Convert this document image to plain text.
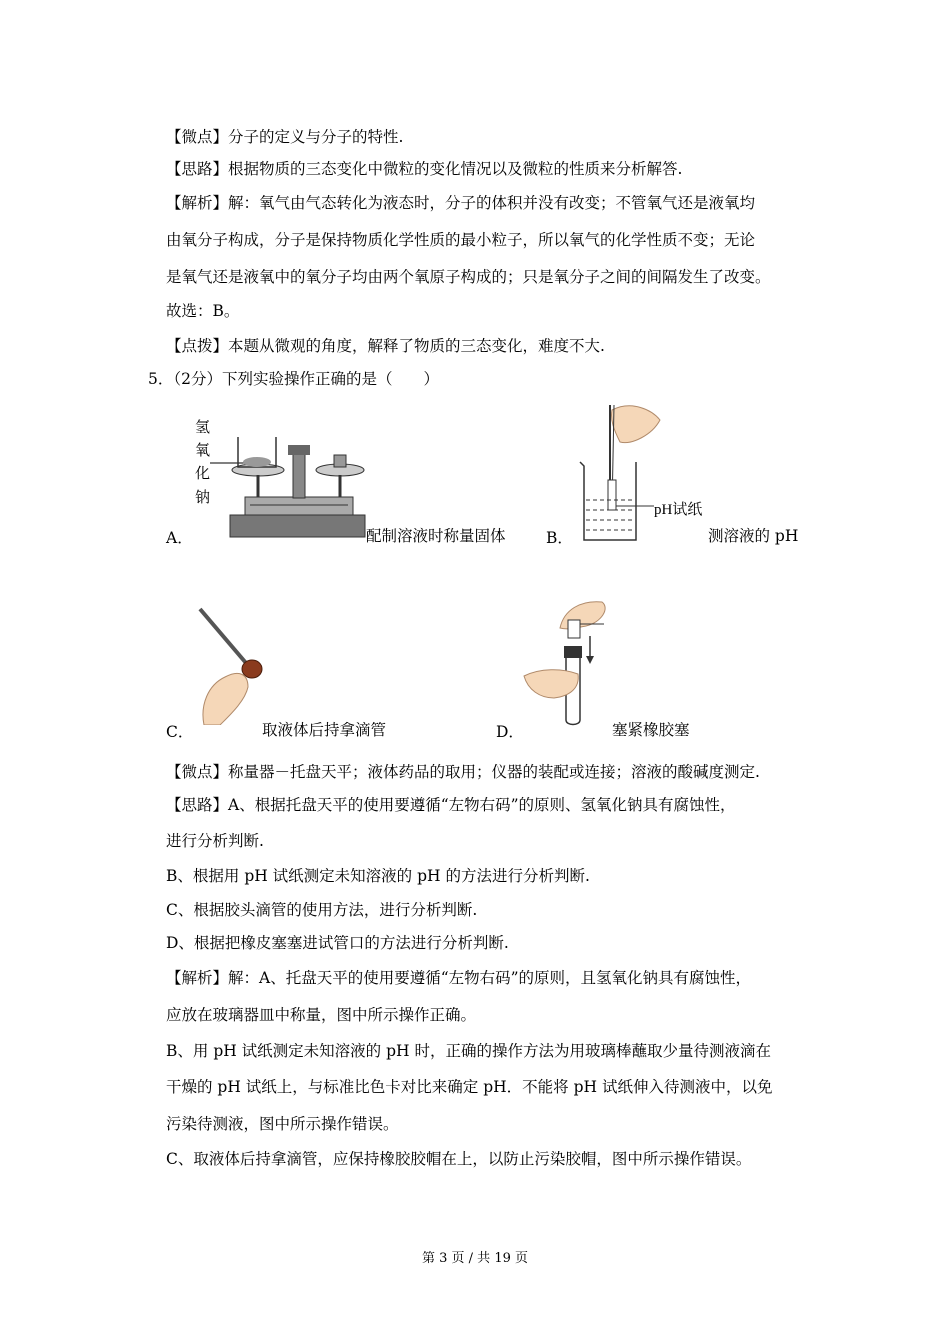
【微点】分子的定义与分子的特性.
【思路】根据物质的三态变化中微粒的变化情况以及微粒的性质来分析解答.
【解析】解：氧气由气态转化为液态时，分子的体积并没有改变；不管氧气还是液氧均
由氧分子构成，分子是保持物质化学性质的最小粒子，所以氧气的化学性质不变；无论
是氧气还是液氧中的氧分子均由两个氧原子构成的；只是氧分子之间的间隔发生了改变。
故选：B。
【点拨】本题从微观的角度，解释了物质的三态变化，难度不大.
5．（2分）下列实验操作正确的是（　　）
氢
氧
化
钠
A．	配制溶液时称量固体
pH试纸
B．	测溶液的 pH
C．	取液体后持拿滴管	D．	塞紧橡胶塞
【微点】称量器－托盘天平；液体药品的取用；仪器的装配或连接；溶液的酸碱度测定.
【思路】A、根据托盘天平的使用要遵循“左物右码”的原则、氢氧化钠具有腐蚀性，
进行分析判断.
B、根据用 pH 试纸测定未知溶液的 pH 的方法进行分析判断.
C、根据胶头滴管的使用方法，进行分析判断.
D、根据把橡皮塞塞进试管口的方法进行分析判断.
【解析】解：A、托盘天平的使用要遵循“左物右码”的原则，且氢氧化钠具有腐蚀性，
应放在玻璃器皿中称量，图中所示操作正确。
B、用 pH 试纸测定未知溶液的 pH 时，正确的操作方法为用玻璃棒蘸取少量待测液滴在
干燥的 pH 试纸上，与标准比色卡对比来确定 pH．不能将 pH 试纸伸入待测液中，以免
污染待测液，图中所示操作错误。
C、取液体后持拿滴管，应保持橡胶胶帽在上，以防止污染胶帽，图中所示操作错误。
第 3 页 / 共 19 页
